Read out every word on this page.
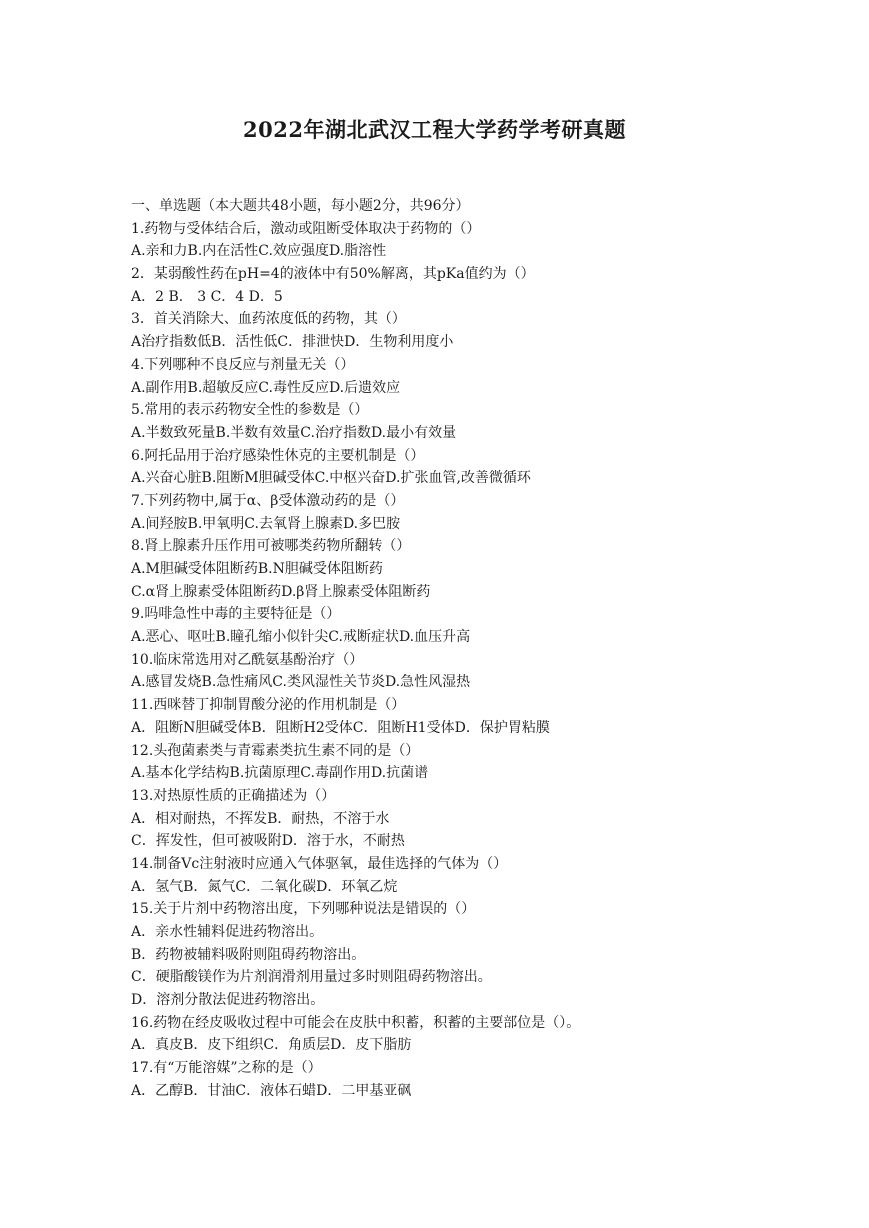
2022年湖北武汉工程大学药学考研真题
一、单选题（本大题共48小题，每小题2分，共96分）
1.药物与受体结合后，激动或阻断受体取决于药物的（）
A.亲和力B.内在活性C.效应强度D.脂溶性
2．某弱酸性药在pH=4的液体中有50%解离，其pKa值约为（）
A．2 B． 3 C．4 D．5
3．首关消除大、血药浓度低的药物，其（）
A治疗指数低B．活性低C．排泄快D．生物利用度小
4.下列哪种不良反应与剂量无关（）
A.副作用B.超敏反应C.毒性反应D.后遗效应
5.常用的表示药物安全性的参数是（）
A.半数致死量B.半数有效量C.治疗指数D.最小有效量
6.阿托品用于治疗感染性休克的主要机制是（）
A.兴奋心脏B.阻断M胆碱受体C.中枢兴奋D.扩张血管,改善微循环
7.下列药物中,属于α、β受体激动药的是（）
A.间羟胺B.甲氧明C.去氧肾上腺素D.多巴胺
8.肾上腺素升压作用可被哪类药物所翻转（）
A.M胆碱受体阻断药B.N胆碱受体阻断药
C.α肾上腺素受体阻断药D.β肾上腺素受体阻断药
9.吗啡急性中毒的主要特征是（）
A.恶心、呕吐B.瞳孔缩小似针尖C.戒断症状D.血压升高
10.临床常选用对乙酰氨基酚治疗（）
A.感冒发烧B.急性痛风C.类风湿性关节炎D.急性风湿热
11.西咪替丁抑制胃酸分泌的作用机制是（）
A．阻断N胆碱受体B．阻断H2受体C．阻断H1受体D．保护胃粘膜
12.头孢菌素类与青霉素类抗生素不同的是（）
A.基本化学结构B.抗菌原理C.毒副作用D.抗菌谱
13.对热原性质的正确描述为（）
A．相对耐热，不挥发B．耐热，不溶于水
C．挥发性，但可被吸附D．溶于水，不耐热
14.制备Vc注射液时应通入气体驱氧，最佳选择的气体为（）
A．氢气B．氮气C．二氧化碳D．环氧乙烷
15.关于片剂中药物溶出度，下列哪种说法是错误的（）
A．亲水性辅料促进药物溶出。
B．药物被辅料吸附则阻碍药物溶出。
C．硬脂酸镁作为片剂润滑剂用量过多时则阻碍药物溶出。
D．溶剂分散法促进药物溶出。
16.药物在经皮吸收过程中可能会在皮肤中积蓄，积蓄的主要部位是（）。
A．真皮B．皮下组织C．角质层D．皮下脂肪
17.有“万能溶媒”之称的是（）
A．乙醇B．甘油C．液体石蜡D．二甲基亚砜
